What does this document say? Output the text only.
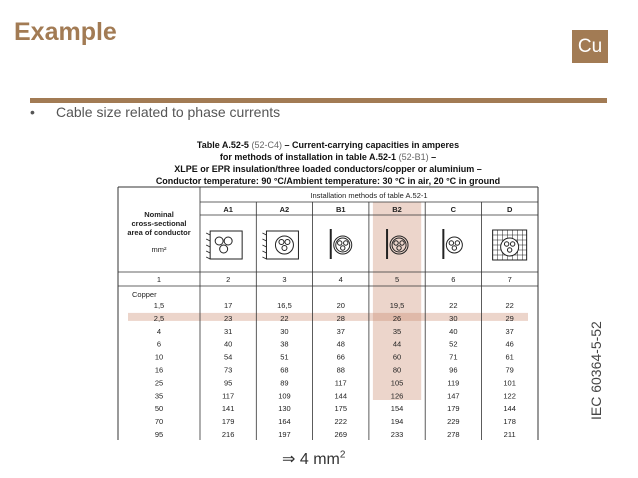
Example	Cu
• Cable size related to phase currents
Table A.52-5 (52-C4) – Current-carrying capacities in amperes
for methods of installation in table A.52-1 (52-B1) –
XLPE or EPR insulation/three loaded conductors/copper or aluminium –
Conductor temperature: 90 °C/Ambient temperature: 30 °C in air, 20 °C in ground
Installation methods of table A.52-1
A1	A2	B1	B2	C	D
Nominal
cross-sectional
area of conductor
mm²
1	2	3	4	5	6	7
Copper
1,5	17	16,5	20	19,5	22	22
2,5	23	22	28	26	30	29
4	31	30	37	35	40	37
6	40	38	48	44	52	46
10	54	51	66	60	71	61
16	73	68	88	80	96	79
25	95	89	117	105	119	101
35	117	109	144	126	147	122
50	141	130	175	154	179	144
70	179	164	222	194	229	178
95	216	197	269	233	278	211
IEC 60364-5-52
⇒ 4 $mm^2$
